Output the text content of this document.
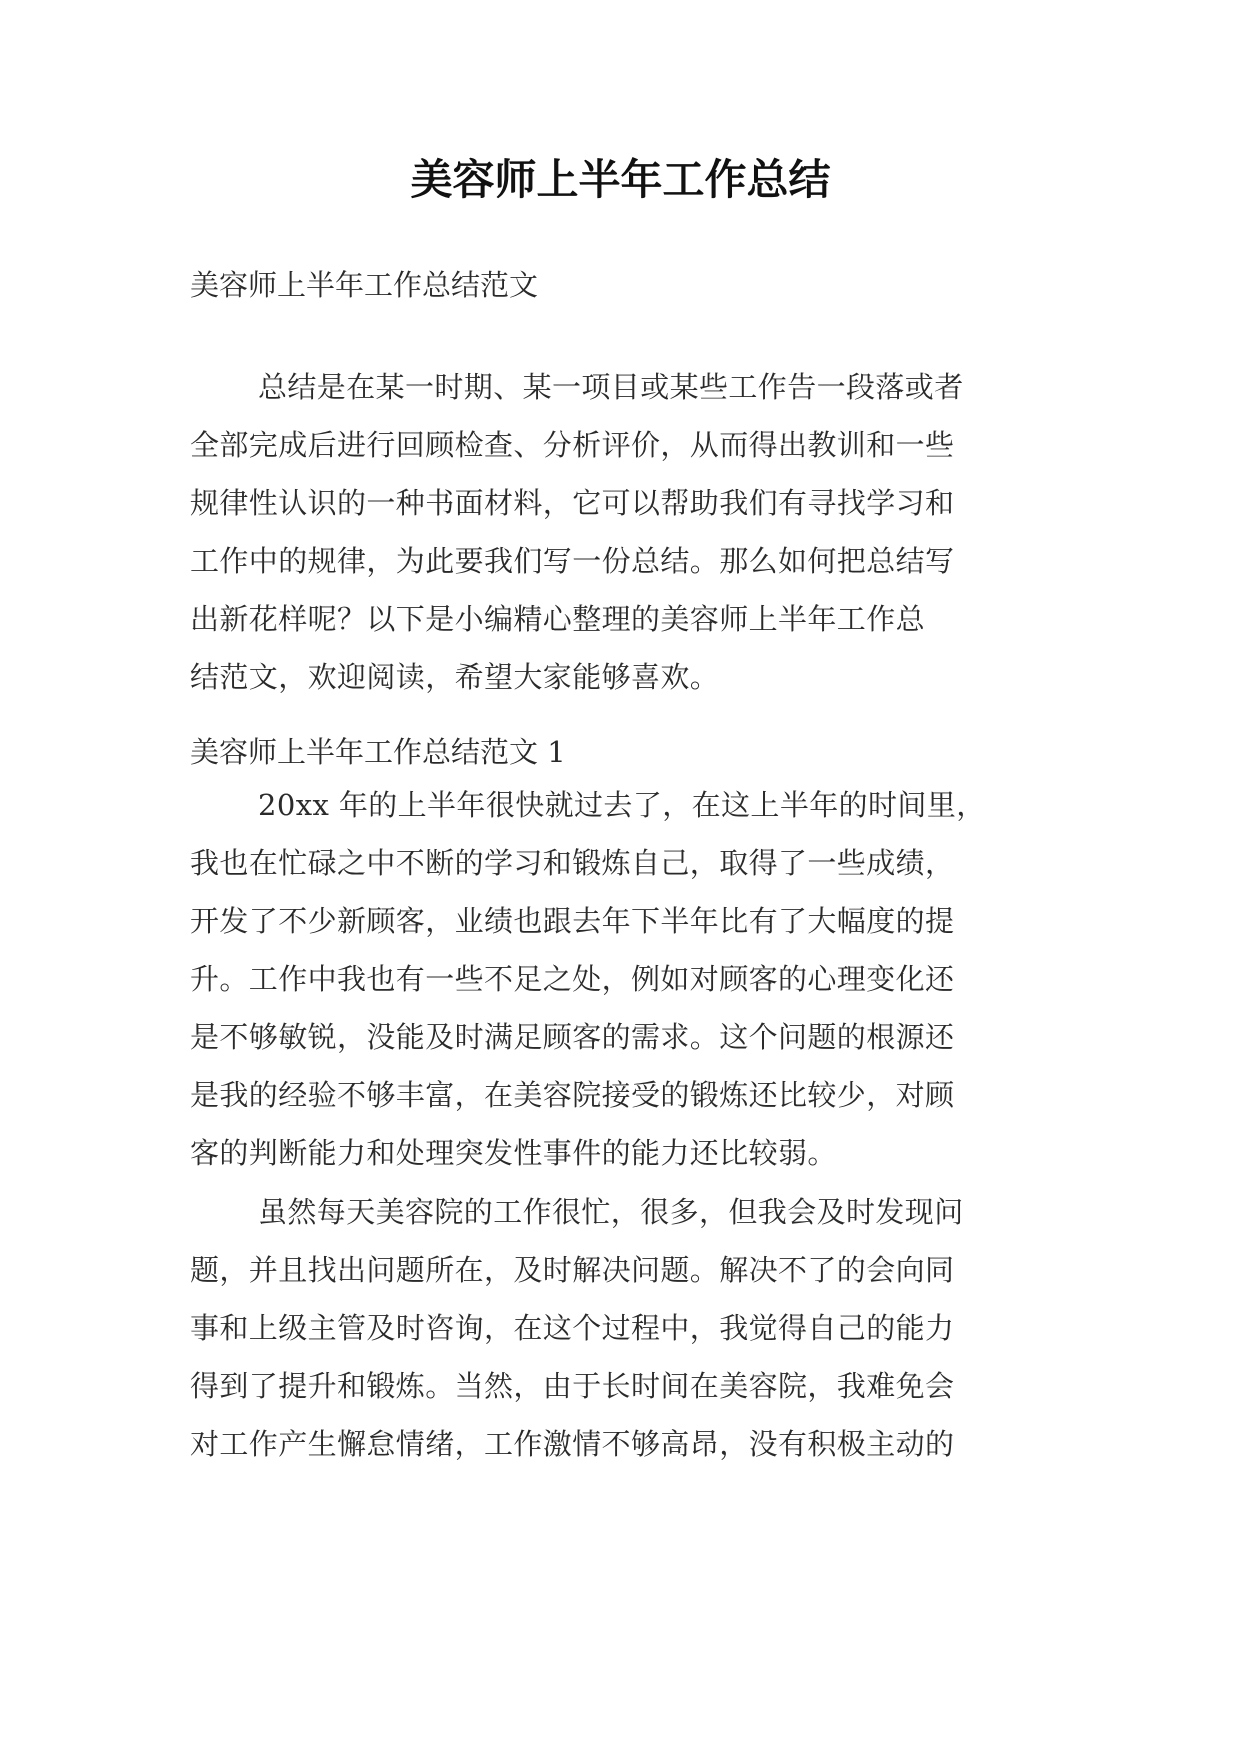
美容师上半年工作总结

美容师上半年工作总结范文

总结是在某一时期、某一项目或某些工作告一段落或者
全部完成后进行回顾检查、分析评价，从而得出教训和一些
规律性认识的一种书面材料，它可以帮助我们有寻找学习和
工作中的规律，为此要我们写一份总结。那么如何把总结写
出新花样呢？以下是小编精心整理的美容师上半年工作总
结范文，欢迎阅读，希望大家能够喜欢。

美容师上半年工作总结范文 1

20xx 年的上半年很快就过去了，在这上半年的时间里，
我也在忙碌之中不断的学习和锻炼自己，取得了一些成绩，
开发了不少新顾客，业绩也跟去年下半年比有了大幅度的提
升。工作中我也有一些不足之处，例如对顾客的心理变化还
是不够敏锐，没能及时满足顾客的需求。这个问题的根源还
是我的经验不够丰富，在美容院接受的锻炼还比较少，对顾
客的判断能力和处理突发性事件的能力还比较弱。
虽然每天美容院的工作很忙，很多，但我会及时发现问
题，并且找出问题所在，及时解决问题。解决不了的会向同
事和上级主管及时咨询，在这个过程中，我觉得自己的能力
得到了提升和锻炼。当然，由于长时间在美容院，我难免会
对工作产生懈怠情绪，工作激情不够高昂，没有积极主动的
